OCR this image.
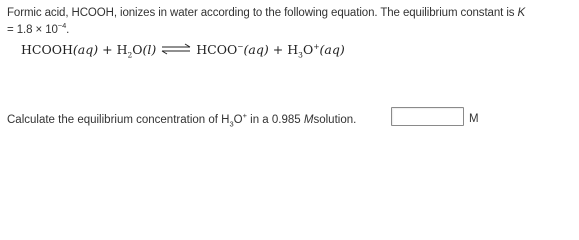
Formic acid, HCOOH, ionizes in water according to the following equation. The equilibrium constant is K
= $1.8 \times 10^{-4}$.
HCOOH $(aq) + H_2O$ (l) ⇌ HCOO− $(aq) + H_3O^+$ (aq)
Calculate the equilibrium concentration of $H_3O^+$ in a 0.985 Msolution.	M
